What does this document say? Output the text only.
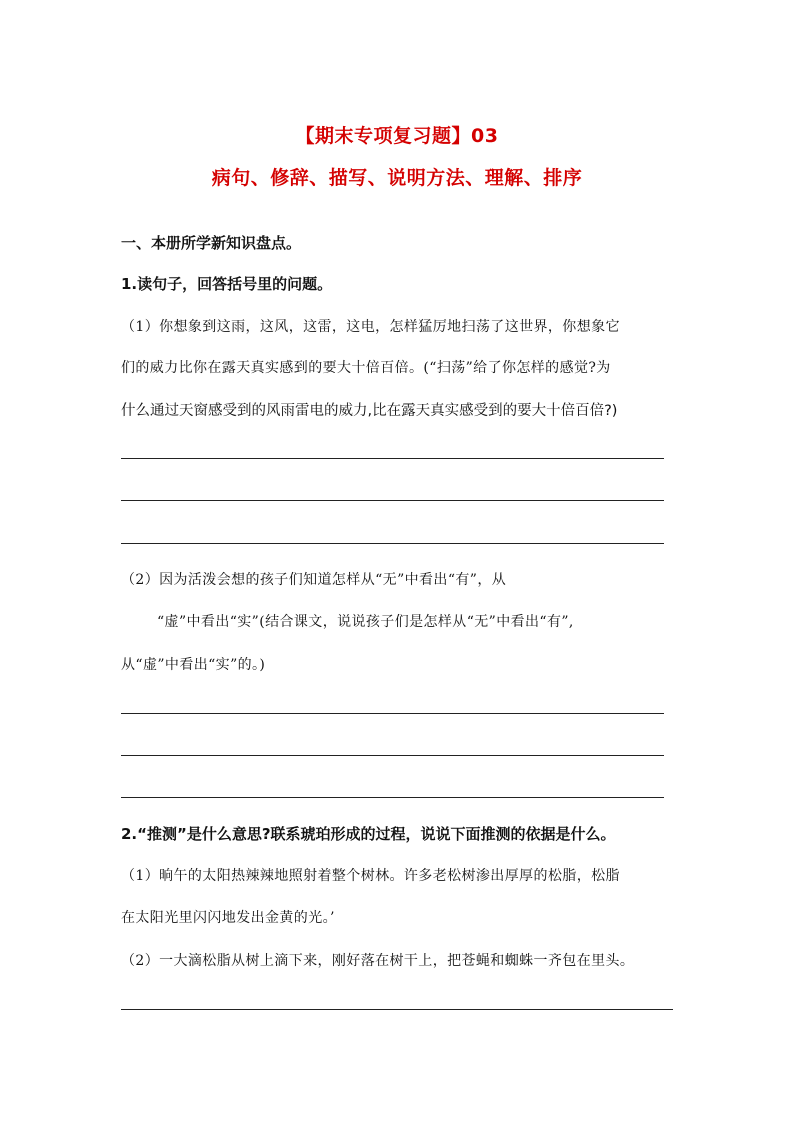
【期末专项复习题】03
病句、修辞、描写、说明方法、理解、排序
一、本册所学新知识盘点。
1.读句子，回答括号里的问题。
（1）你想象到这雨，这风，这雷，这电，怎样猛厉地扫荡了这世界，你想象它
们的威力比你在露天真实感到的要大十倍百倍。(“扫荡”给了你怎样的感觉?为
什么通过天窗感受到的风雨雷电的威力,比在露天真实感受到的要大十倍百倍?)
（2）因为活泼会想的孩子们知道怎样从“无”中看出“有”，从
“虚”中看出“实”(结合课文，说说孩子们是怎样从“无”中看出“有”,
从“虚”中看出“实”的。)
2.“推测”是什么意思?联系琥珀形成的过程，说说下面推测的依据是什么。
（1）晌午的太阳热辣辣地照射着整个树林。许多老松树渗出厚厚的松脂，松脂
在太阳光里闪闪地发出金黄的光。’
（2）一大滴松脂从树上滴下来，刚好落在树干上，把苍蝇和蜘蛛一齐包在里头。
